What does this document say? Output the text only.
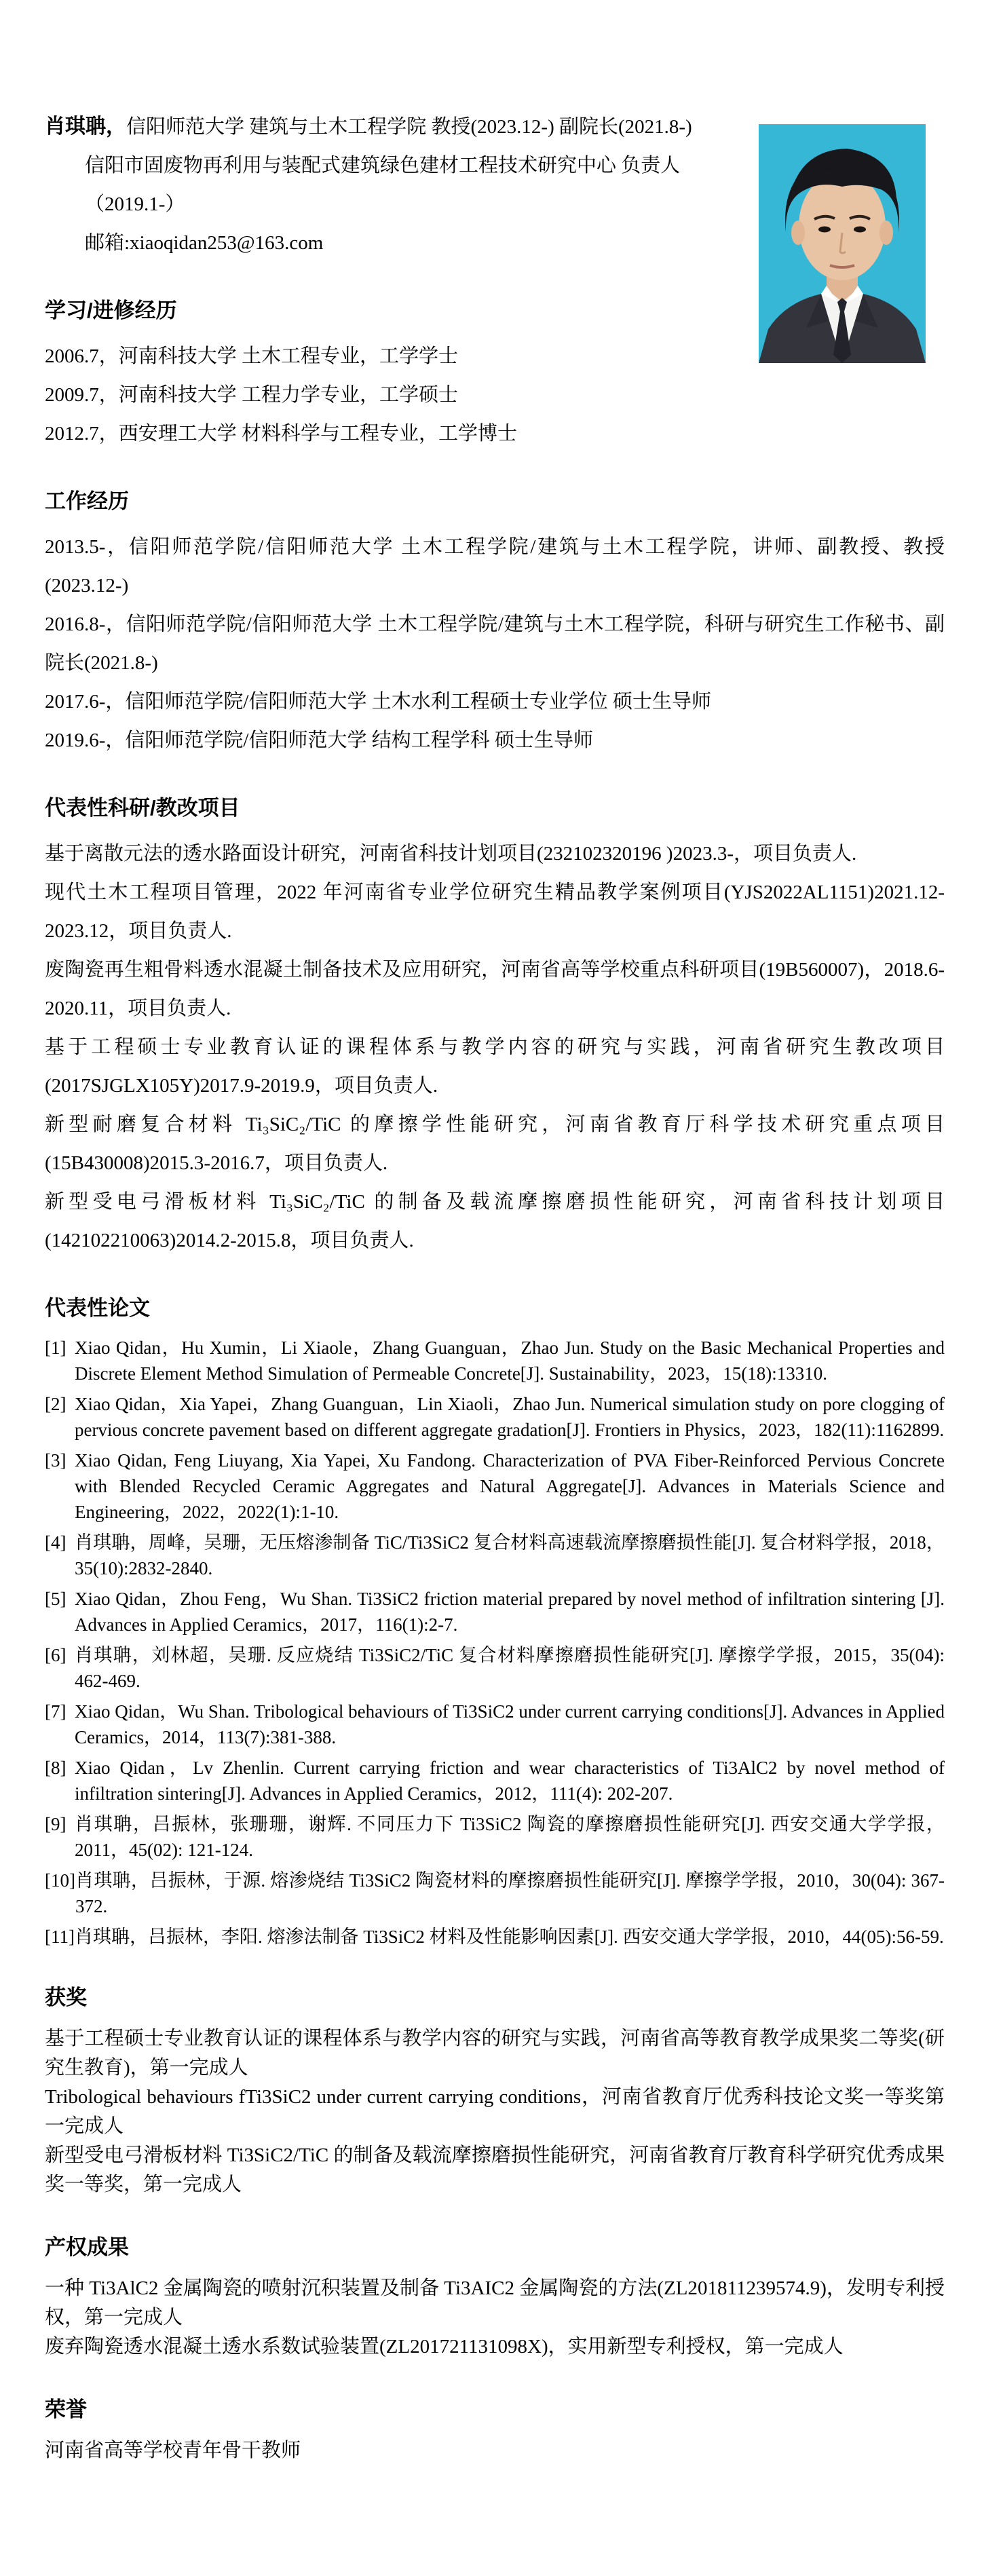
肖琪聃，信阳师范大学 建筑与土木工程学院 教授(2023.12-) 副院长(2021.8-)

信阳市固废物再利用与装配式建筑绿色建材工程技术研究中心 负责人

（2019.1-）

邮箱:xiaoqidan253@163.com

学习/进修经历

2006.7，河南科技大学 土木工程专业，工学学士

2009.7，河南科技大学 工程力学专业，工学硕士

2012.7，西安理工大学 材料科学与工程专业，工学博士

工作经历

2013.5-，信阳师范学院/信阳师范大学 土木工程学院/建筑与土木工程学院，讲师、副教授、教授(2023.12-)

2016.8-，信阳师范学院/信阳师范大学 土木工程学院/建筑与土木工程学院，科研与研究生工作秘书、副院长(2021.8-)

2017.6-，信阳师范学院/信阳师范大学 土木水利工程硕士专业学位 硕士生导师

2019.6-，信阳师范学院/信阳师范大学 结构工程学科 硕士生导师

代表性科研/教改项目

基于离散元法的透水路面设计研究，河南省科技计划项目(232102320196 )2023.3-，项目负责人.

现代土木工程项目管理，2022 年河南省专业学位研究生精品教学案例项目(YJS2022AL1151)2021.12-2023.12，项目负责人.

废陶瓷再生粗骨料透水混凝土制备技术及应用研究，河南省高等学校重点科研项目(19B560007)，2018.6-2020.11，项目负责人.

基于工程硕士专业教育认证的课程体系与教学内容的研究与实践，河南省研究生教改项目(2017SJGLX105Y)2017.9-2019.9，项目负责人.

新型耐磨复合材料 Ti₃SiC₂/TiC 的摩擦学性能研究，河南省教育厅科学技术研究重点项目(15B430008)2015.3-2016.7，项目负责人.

新型受电弓滑板材料 Ti₃SiC₂/TiC 的制备及载流摩擦磨损性能研究，河南省科技计划项目(142102210063)2014.2-2015.8，项目负责人.

代表性论文
[1] Xiao Qidan，Hu Xumin，Li Xiaole，Zhang Guanguan，Zhao Jun. Study on the Basic Mechanical Properties and Discrete Element Method Simulation of Permeable Concrete[J]. Sustainability，2023，15(18):13310.
[2] Xiao Qidan，Xia Yapei，Zhang Guanguan，Lin Xiaoli，Zhao Jun. Numerical simulation study on pore clogging of pervious concrete pavement based on different aggregate gradation[J]. Frontiers in Physics，2023，182(11):1162899.
[3] Xiao Qidan, Feng Liuyang, Xia Yapei, Xu Fandong. Characterization of PVA Fiber-Reinforced Pervious Concrete with Blended Recycled Ceramic Aggregates and Natural Aggregate[J]. Advances in Materials Science and Engineering，2022，2022(1):1-10.
[4] 肖琪聃，周峰，吴珊，无压熔渗制备 TiC/Ti3SiC2 复合材料高速载流摩擦磨损性能[J]. 复合材料学报，2018，35(10):2832-2840.
[5] Xiao Qidan，Zhou Feng，Wu Shan. Ti3SiC2 friction material prepared by novel method of infiltration sintering [J]. Advances in Applied Ceramics，2017，116(1):2-7.
[6] 肖琪聃，刘林超，吴珊. 反应烧结 Ti3SiC2/TiC 复合材料摩擦磨损性能研究[J]. 摩擦学学报，2015，35(04): 462-469.
[7] Xiao Qidan，Wu Shan. Tribological behaviours of Ti3SiC2 under current carrying conditions[J]. Advances in Applied Ceramics，2014，113(7):381-388.
[8] Xiao Qidan，Lv Zhenlin. Current carrying friction and wear characteristics of Ti3AlC2 by novel method of infiltration sintering[J]. Advances in Applied Ceramics，2012，111(4): 202-207.
[9] 肖琪聃，吕振林，张珊珊，谢辉. 不同压力下 Ti3SiC2 陶瓷的摩擦磨损性能研究[J]. 西安交通大学学报，2011，45(02): 121-124.
[10] 肖琪聃，吕振林，于源. 熔渗烧结 Ti3SiC2 陶瓷材料的摩擦磨损性能研究[J]. 摩擦学学报，2010，30(04): 367-372.
[11] 肖琪聃，吕振林，李阳. 熔渗法制备 Ti3SiC2 材料及性能影响因素[J]. 西安交通大学学报，2010，44(05):56-59.
获奖

基于工程硕士专业教育认证的课程体系与教学内容的研究与实践，河南省高等教育教学成果奖二等奖(研究生教育)，第一完成人

Tribological behaviours fTi3SiC2 under current carrying conditions，河南省教育厅优秀科技论文奖一等奖第一完成人

新型受电弓滑板材料 Ti3SiC2/TiC 的制备及载流摩擦磨损性能研究，河南省教育厅教育科学研究优秀成果奖一等奖，第一完成人

产权成果

一种 Ti3AlC2 金属陶瓷的喷射沉积装置及制备 Ti3AIC2 金属陶瓷的方法(ZL201811239574.9)，发明专利授权，第一完成人

废弃陶瓷透水混凝土透水系数试验装置(ZL201721131098X)，实用新型专利授权，第一完成人

荣誉

河南省高等学校青年骨干教师
